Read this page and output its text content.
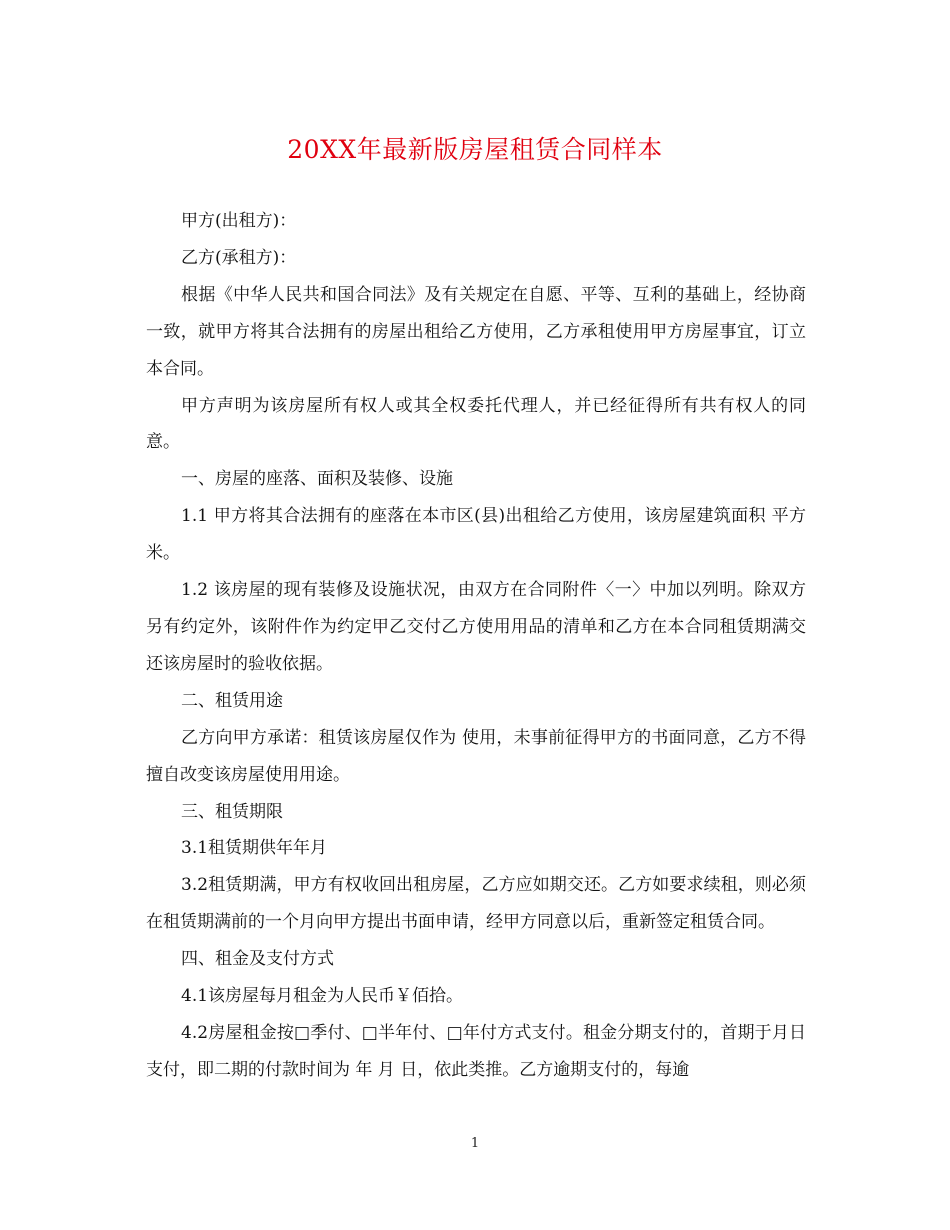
20XX年最新版房屋租赁合同样本

甲方(出租方)：

乙方(承租方)：

根据《中华人民共和国合同法》及有关规定在自愿、平等、互利的基础上，经协商一致，就甲方将其合法拥有的房屋出租给乙方使用，乙方承租使用甲方房屋事宜，订立本合同。

甲方声明为该房屋所有权人或其全权委托代理人，并已经征得所有共有权人的同意。

一、房屋的座落、面积及装修、设施

1.1 甲方将其合法拥有的座落在本市区(县)出租给乙方使用，该房屋建筑面积 平方米。

1.2 该房屋的现有装修及设施状况，由双方在合同附件〈一〉中加以列明。除双方另有约定外，该附件作为约定甲乙交付乙方使用用品的清单和乙方在本合同租赁期满交还该房屋时的验收依据。

二、租赁用途

乙方向甲方承诺：租赁该房屋仅作为 使用，未事前征得甲方的书面同意，乙方不得擅自改变该房屋使用用途。

三、租赁期限

3.1租赁期供年年月

3.2租赁期满，甲方有权收回出租房屋，乙方应如期交还。乙方如要求续租，则必须在租赁期满前的一个月向甲方提出书面申请，经甲方同意以后，重新签定租赁合同。

四、租金及支付方式

4.1该房屋每月租金为人民币￥佰拾。

4.2房屋租金按□季付、□半年付、□年付方式支付。租金分期支付的，首期于月日支付，即二期的付款时间为 年 月 日，依此类推。乙方逾期支付的，每逾

1
